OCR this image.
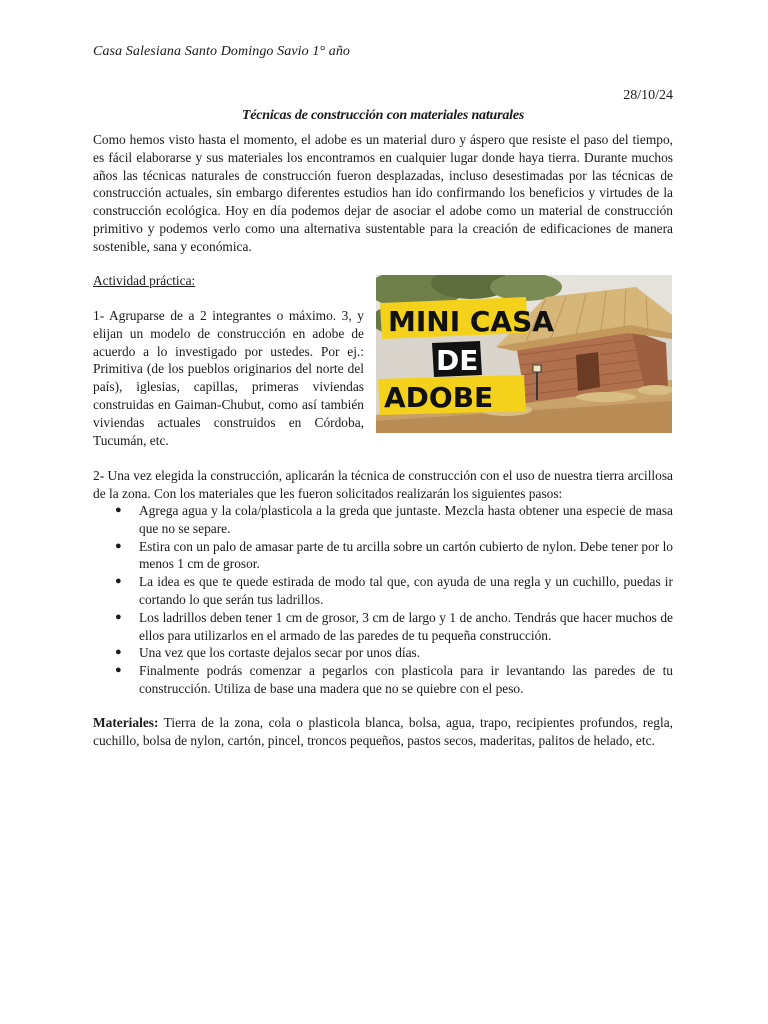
Casa Salesiana Santo Domingo Savio 1° año
28/10/24
Técnicas de construcción con materiales naturales

Como hemos visto hasta el momento, el adobe es un material duro y áspero que resiste el paso del tiempo, es fácil elaborarse y sus materiales los encontramos en cualquier lugar donde haya tierra. Durante muchos años las técnicas naturales de construcción fueron desplazadas, incluso desestimadas por las técnicas de construcción actuales, sin embargo diferentes estudios han ido confirmando los beneficios y virtudes de la construcción ecológica. Hoy en día podemos dejar de asociar el adobe como un material de construcción primitivo y podemos verlo como una alternativa sustentable para la creación de edificaciones de manera sostenible, sana y económica.

Actividad práctica:

1- Agruparse de a 2 integrantes o máximo. 3, y elijan un modelo de construcción en adobe de acuerdo a lo investigado por ustedes. Por ej.: Primitiva (de los pueblos originarios del norte del país), iglesias, capillas, primeras viviendas construidas en Gaiman-Chubut, como así también viviendas actuales construidos en Córdoba, Tucumán, etc.

MINI CASA
DE
ADOBE

2- Una vez elegida la construcción, aplicarán la técnica de construcción con el uso de nuestra tierra arcillosa de la zona. Con los materiales que les fueron solicitados realizarán los siguientes pasos:

● Agrega agua y la cola/plasticola a la greda que juntaste. Mezcla hasta obtener una especie de masa que no se separe.
● Estira con un palo de amasar parte de tu arcilla sobre un cartón cubierto de nylon. Debe tener por lo menos 1 cm de grosor.
● La idea es que te quede estirada de modo tal que, con ayuda de una regla y un cuchillo, puedas ir cortando lo que serán tus ladrillos.
● Los ladrillos deben tener 1 cm de grosor, 3 cm de largo y 1 de ancho. Tendrás que hacer muchos de ellos para utilizarlos en el armado de las paredes de tu pequeña construcción.
● Una vez que los cortaste dejalos secar por unos días.
● Finalmente podrás comenzar a pegarlos con plasticola para ir levantando las paredes de tu construcción. Utiliza de base una madera que no se quiebre con el peso.

Materiales: Tierra de la zona, cola o plasticola blanca, bolsa, agua, trapo, recipientes profundos, regla, cuchillo, bolsa de nylon, cartón, pincel, troncos pequeños, pastos secos, maderitas, palitos de helado, etc.
